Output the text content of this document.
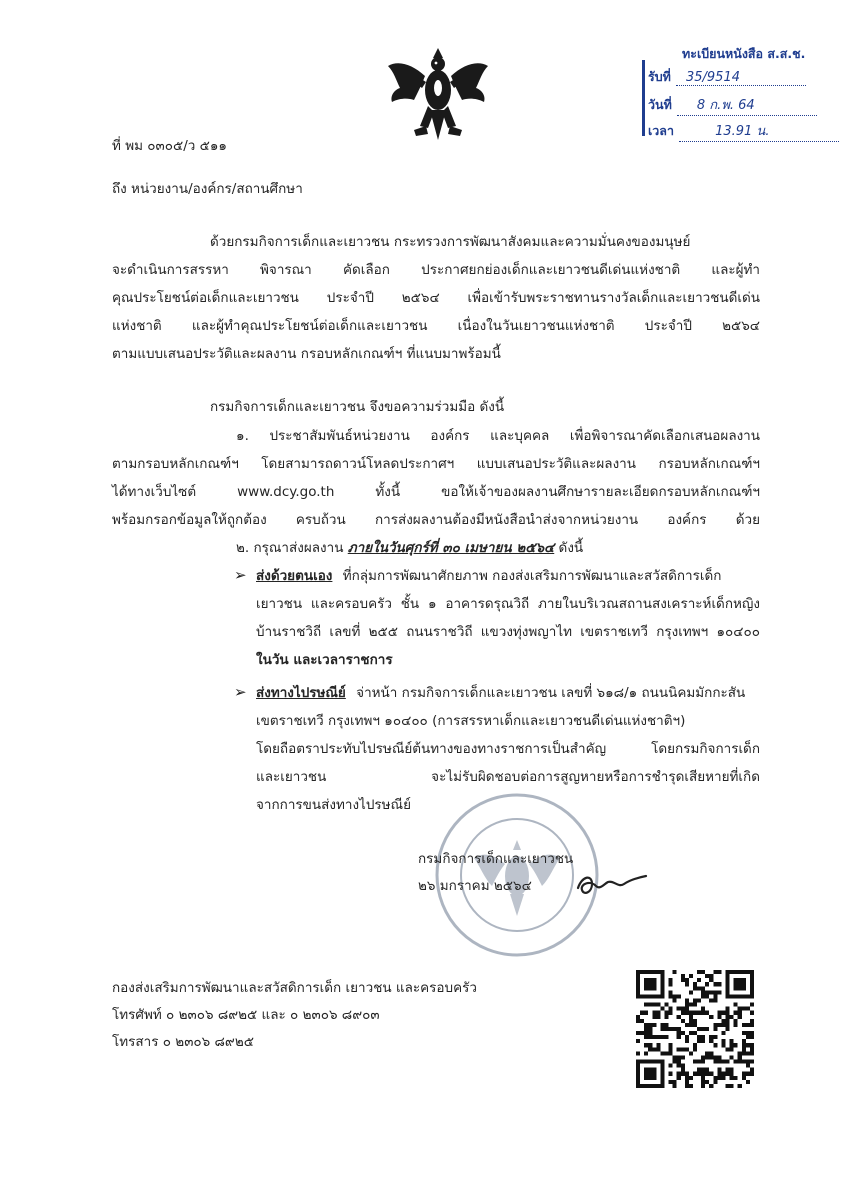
ทะเบียนหนังสือ ส.ส.ช.
รับที่ 35/9514
วันที่ 8 ก.พ. 64
เวลา	13.91 น.
ที่ พม ๐๓๐๕/ว ๕๑๑
ถึง หน่วยงาน/องค์กร/สถานศึกษา
ด้วยกรมกิจการเด็กและเยาวชน กระทรวงการพัฒนาสังคมและความมั่นคงของมนุษย์
จะดำเนินการสรรหา พิจารณา คัดเลือก ประกาศยกย่องเด็กและเยาวชนดีเด่นแห่งชาติ และผู้ทำ
คุณประโยชน์ต่อเด็กและเยาวชน ประจำปี ๒๕๖๔ เพื่อเข้ารับพระราชทานรางวัลเด็กและเยาวชนดีเด่น
แห่งชาติ และผู้ทำคุณประโยชน์ต่อเด็กและเยาวชน เนื่องในวันเยาวชนแห่งชาติ ประจำปี ๒๕๖๔
ตามแบบเสนอประวัติและผลงาน กรอบหลักเกณฑ์ฯ ที่แนบมาพร้อมนี้
กรมกิจการเด็กและเยาวชน จึงขอความร่วมมือ ดังนี้
๑. ประชาสัมพันธ์หน่วยงาน องค์กร และบุคคล เพื่อพิจารณาคัดเลือกเสนอผลงาน
ตามกรอบหลักเกณฑ์ฯ โดยสามารถดาวน์โหลดประกาศฯ แบบเสนอประวัติและผลงาน กรอบหลักเกณฑ์ฯ
ได้ทางเว็บไซต์ www.dcy.go.th ทั้งนี้ ขอให้เจ้าของผลงานศึกษารายละเอียดกรอบหลักเกณฑ์ฯ
พร้อมกรอกข้อมูลให้ถูกต้อง ครบถ้วน การส่งผลงานต้องมีหนังสือนำส่งจากหน่วยงาน องค์กร ด้วย
๒. กรุณาส่งผลงาน ภายในวันศุกร์ที่ ๓๐ เมษายน ๒๕๖๔ ดังนี้
➢ ส่งด้วยตนเอง ที่กลุ่มการพัฒนาศักยภาพ กองส่งเสริมการพัฒนาและสวัสดิการเด็ก
เยาวชน และครอบครัว ชั้น ๑ อาคารดรุณวิถี ภายในบริเวณสถานสงเคราะห์เด็กหญิง
บ้านราชวิถี เลขที่ ๒๕๕ ถนนราชวิถี แขวงทุ่งพญาไท เขตราชเทวี กรุงเทพฯ ๑๐๔๐๐
ในวัน และเวลาราชการ
➢ ส่งทางไปรษณีย์ จ่าหน้า กรมกิจการเด็กและเยาวชน เลขที่ ๖๑๘/๑ ถนนนิคมมักกะสัน
เขตราชเทวี กรุงเทพฯ ๑๐๔๐๐ (การสรรหาเด็กและเยาวชนดีเด่นแห่งชาติฯ)
โดยถือตราประทับไปรษณีย์ต้นทางของทางราชการเป็นสำคัญ โดยกรมกิจการเด็ก
และเยาวชน จะไม่รับผิดชอบต่อการสูญหายหรือการชำรุดเสียหายที่เกิด
จากการขนส่งทางไปรษณีย์
กรมกิจการเด็กและเยาวชน
๒๖ มกราคม ๒๕๖๔
กองส่งเสริมการพัฒนาและสวัสดิการเด็ก เยาวชน และครอบครัว
โทรศัพท์ ๐ ๒๓๐๖ ๘๙๒๕ และ ๐ ๒๓๐๖ ๘๙๐๓
โทรสาร ๐ ๒๓๐๖ ๘๙๒๕
